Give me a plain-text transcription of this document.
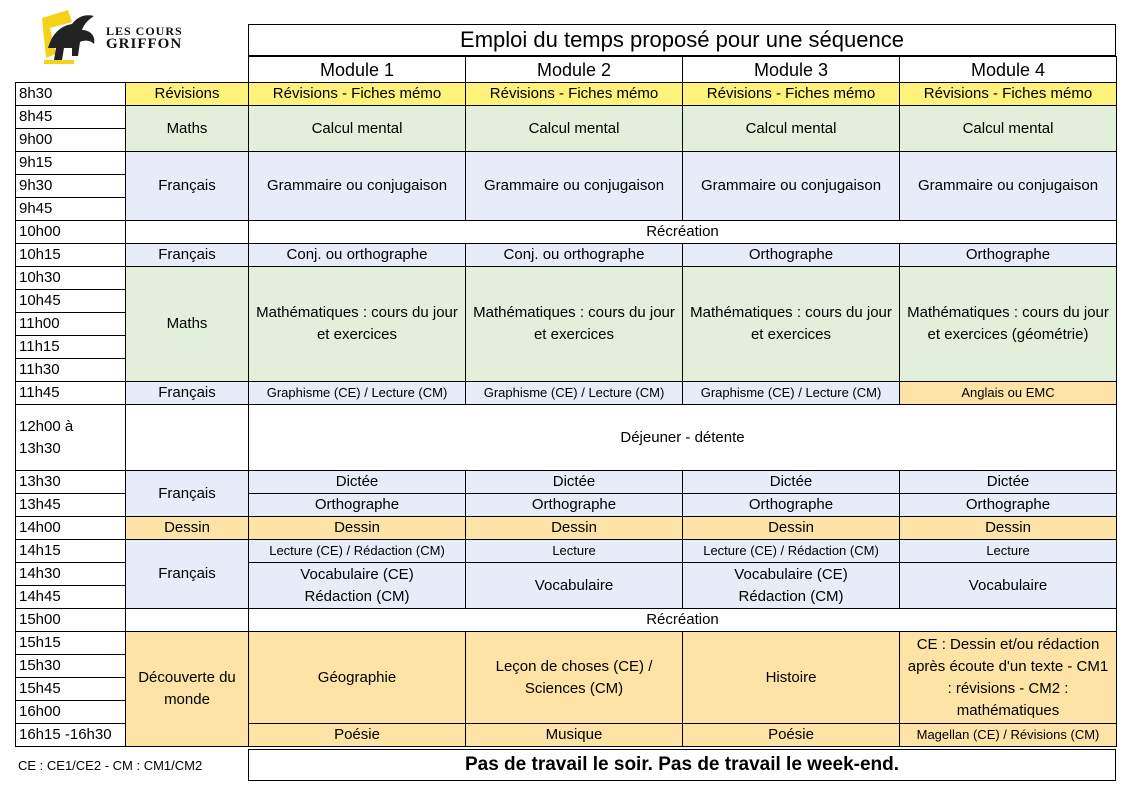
LES COURS
GRIFFON	Emploi du temps proposé pour une séquence
		Module 1	Module 2	Module 3	Module 4
8h30	Révisions	Révisions - Fiches mémo	Révisions - Fiches mémo	Révisions - Fiches mémo	Révisions - Fiches mémo
8h45	Maths	Calcul mental	Calcul mental	Calcul mental	Calcul mental
9h00					
9h15	Français	Grammaire ou conjugaison	Grammaire ou conjugaison	Grammaire ou conjugaison	Grammaire ou conjugaison
9h30					
9h45					
10h00		Récréation			
10h15	Français	Conj. ou orthographe	Conj. ou orthographe	Orthographe	Orthographe
10h30	Maths	Mathématiques : cours du jour et exercices	Mathématiques : cours du jour et exercices	Mathématiques : cours du jour et exercices	Mathématiques : cours du jour et exercices (géométrie)
10h45					
11h00					
11h15					
11h30					
11h45	Français	Graphisme (CE) / Lecture (CM)	Graphisme (CE) / Lecture (CM)	Graphisme (CE) / Lecture (CM)	Anglais ou EMC
12h00 à
13h30		Déjeuner - détente			
13h30	Français	Dictée	Dictée	Dictée	Dictée
13h45		Orthographe	Orthographe	Orthographe	Orthographe
14h00	Dessin	Dessin	Dessin	Dessin	Dessin
14h15	Français	Lecture (CE) / Rédaction (CM)	Lecture	Lecture (CE) / Rédaction (CM)	Lecture
14h30		Vocabulaire (CE) Rédaction (CM)	Vocabulaire	Vocabulaire (CE) Rédaction (CM)	Vocabulaire
14h45					
15h00		Récréation			
15h15	Découverte du monde	Géographie	Leçon de choses (CE) / Sciences (CM)	Histoire	CE : Dessin et/ou rédaction après écoute d'un texte - CM1 : révisions - CM2 : mathématiques
15h30					
15h45					
16h00					
16h15 -16h30		Poésie	Musique	Poésie	Magellan (CE) / Révisions (CM)
CE : CE1/CE2 - CM : CM1/CM2	Pas de travail le soir. Pas de travail le week-end.
